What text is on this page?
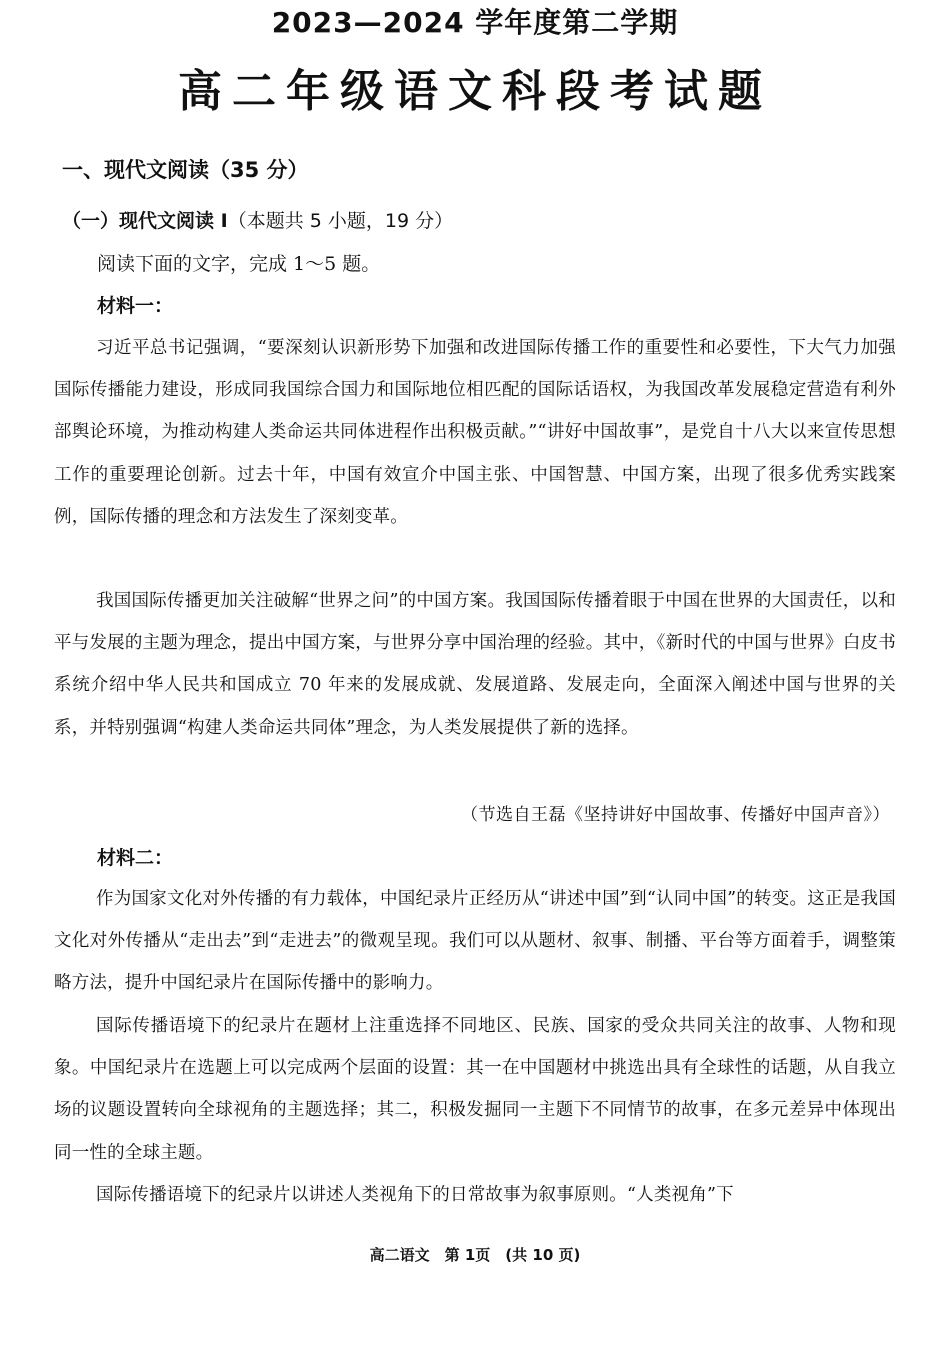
2023—2024 学年度第二学期
高二年级语文科段考试题
一、现代文阅读（35 分）
（一）现代文阅读 I（本题共 5 小题，19 分）
阅读下面的文字，完成 1～5 题。
材料一：

习近平总书记强调，“要深刻认识新形势下加强和改进国际传播工作的重要性和必要性，下大气力加强国际传播能力建设，形成同我国综合国力和国际地位相匹配的国际话语权，为我国改革发展稳定营造有利外部舆论环境，为推动构建人类命运共同体进程作出积极贡献。”“讲好中国故事”，是党自十八大以来宣传思想工作的重要理论创新。过去十年，中国有效宣介中国主张、中国智慧、中国方案，出现了很多优秀实践案例，国际传播的理念和方法发生了深刻变革。

我国国际传播更加关注破解“世界之问”的中国方案。我国国际传播着眼于中国在世界的大国责任，以和平与发展的主题为理念，提出中国方案，与世界分享中国治理的经验。其中，《新时代的中国与世界》白皮书系统介绍中华人民共和国成立 70 年来的发展成就、发展道路、发展走向，全面深入阐述中国与世界的关系，并特别强调“构建人类命运共同体”理念，为人类发展提供了新的选择。

（节选自王磊《坚持讲好中国故事、传播好中国声音》）
材料二：

作为国家文化对外传播的有力载体，中国纪录片正经历从“讲述中国”到“认同中国”的转变。这正是我国文化对外传播从“走出去”到“走进去”的微观呈现。我们可以从题材、叙事、制播、平台等方面着手，调整策略方法，提升中国纪录片在国际传播中的影响力。

国际传播语境下的纪录片在题材上注重选择不同地区、民族、国家的受众共同关注的故事、人物和现象。中国纪录片在选题上可以完成两个层面的设置：其一在中国题材中挑选出具有全球性的话题，从自我立场的议题设置转向全球视角的主题选择；其二，积极发掘同一主题下不同情节的故事，在多元差异中体现出同一性的全球主题。

国际传播语境下的纪录片以讲述人类视角下的日常故事为叙事原则。“人类视角”下

高二语文　第 1页　(共 10 页)
